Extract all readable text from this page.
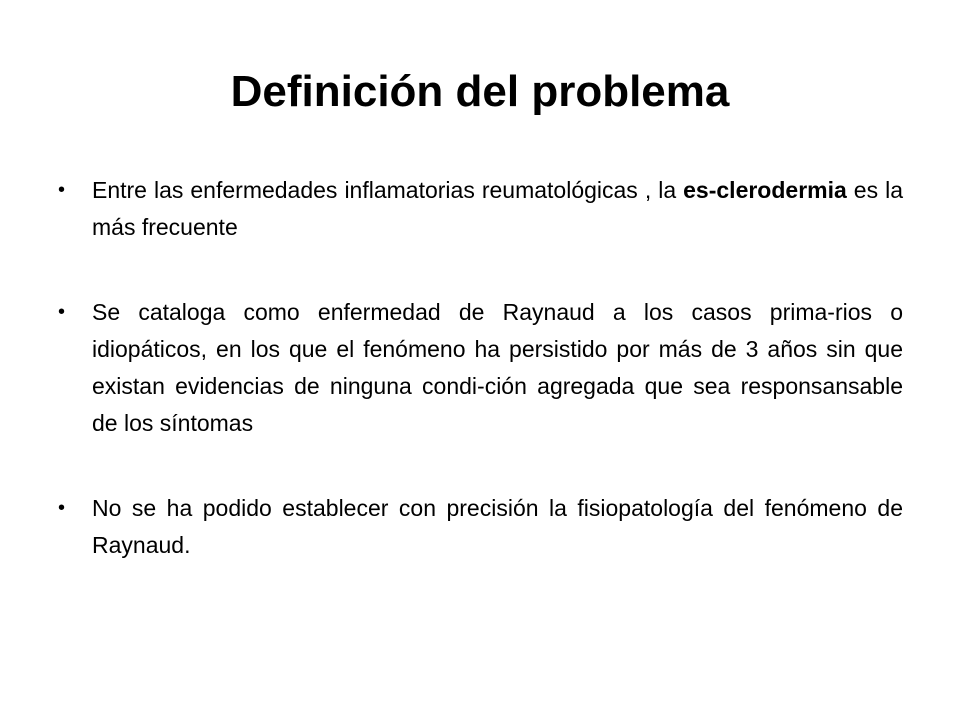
Definición del problema
•	Entre las enfermedades inflamatorias reumatológicas , la es-clerodermia es la más frecuente
•	Se cataloga como enfermedad de Raynaud a los casos prima-rios o idiopáticos, en los que el fenómeno ha persistido por más de 3 años sin que existan evidencias de ninguna condi-ción agregada que sea responsansable de los síntomas
•	No se ha podido establecer con precisión la fisiopatología del fenómeno de Raynaud.
